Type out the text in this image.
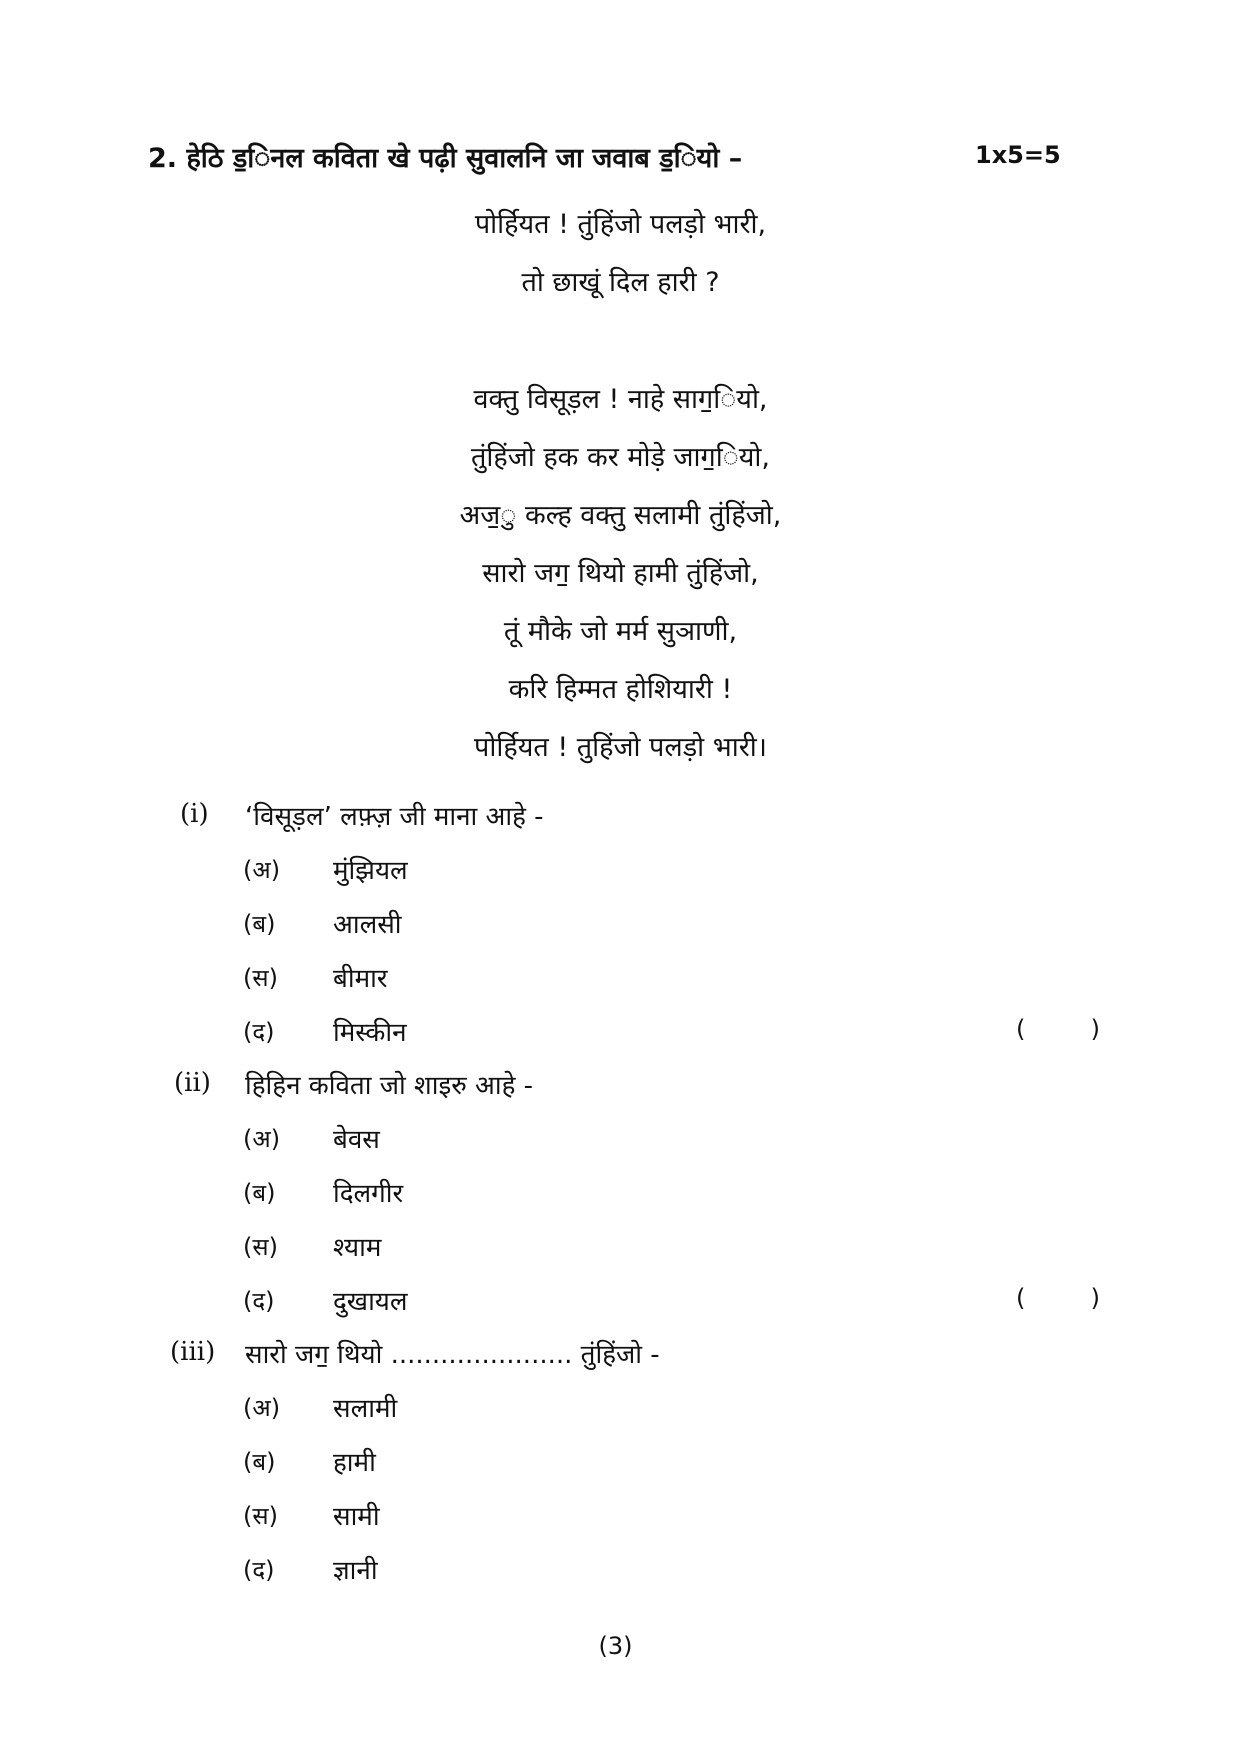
2. हेठि ड॒िनल कविता खे पढ़ी सुवालनि जा जवाब ड॒ियो –	1x5=5
पोर्हियत ! तुंहिंजो पलड़ो भारी,
तो छाखूं दिल हारी ?
वक्तु विसूड़ल ! नाहे साग॒ियो,
तुंहिंजो हक कर मोड़े जाग॒ियो,
अज॒ु कल्ह वक्तु सलामी तुंहिंजो,
सारो जग॒ थियो हामी तुंहिंजो,
तूं मौके जो मर्म सुञाणी,
करि हिम्मत होशियारी !
पोर्हियत ! तुहिंजो पलड़ो भारी।
(i) ‘विसूड़ल’ लफ़्ज़ जी माना आहे -
(अ) मुंझियल
(ब) आलसी
(स) बीमार
(द) मिस्कीन	(	)
(ii) हिहिन कविता जो शाइरु आहे -
(अ) बेवस
(ब) दिलगीर
(स) श्याम
(द) दुखायल	(	)
(iii) सारो जग॒ थियो ...................... तुंहिंजो -
(अ) सलामी
(ब) हामी
(स) सामी
(द) ज्ञानी
(3)
